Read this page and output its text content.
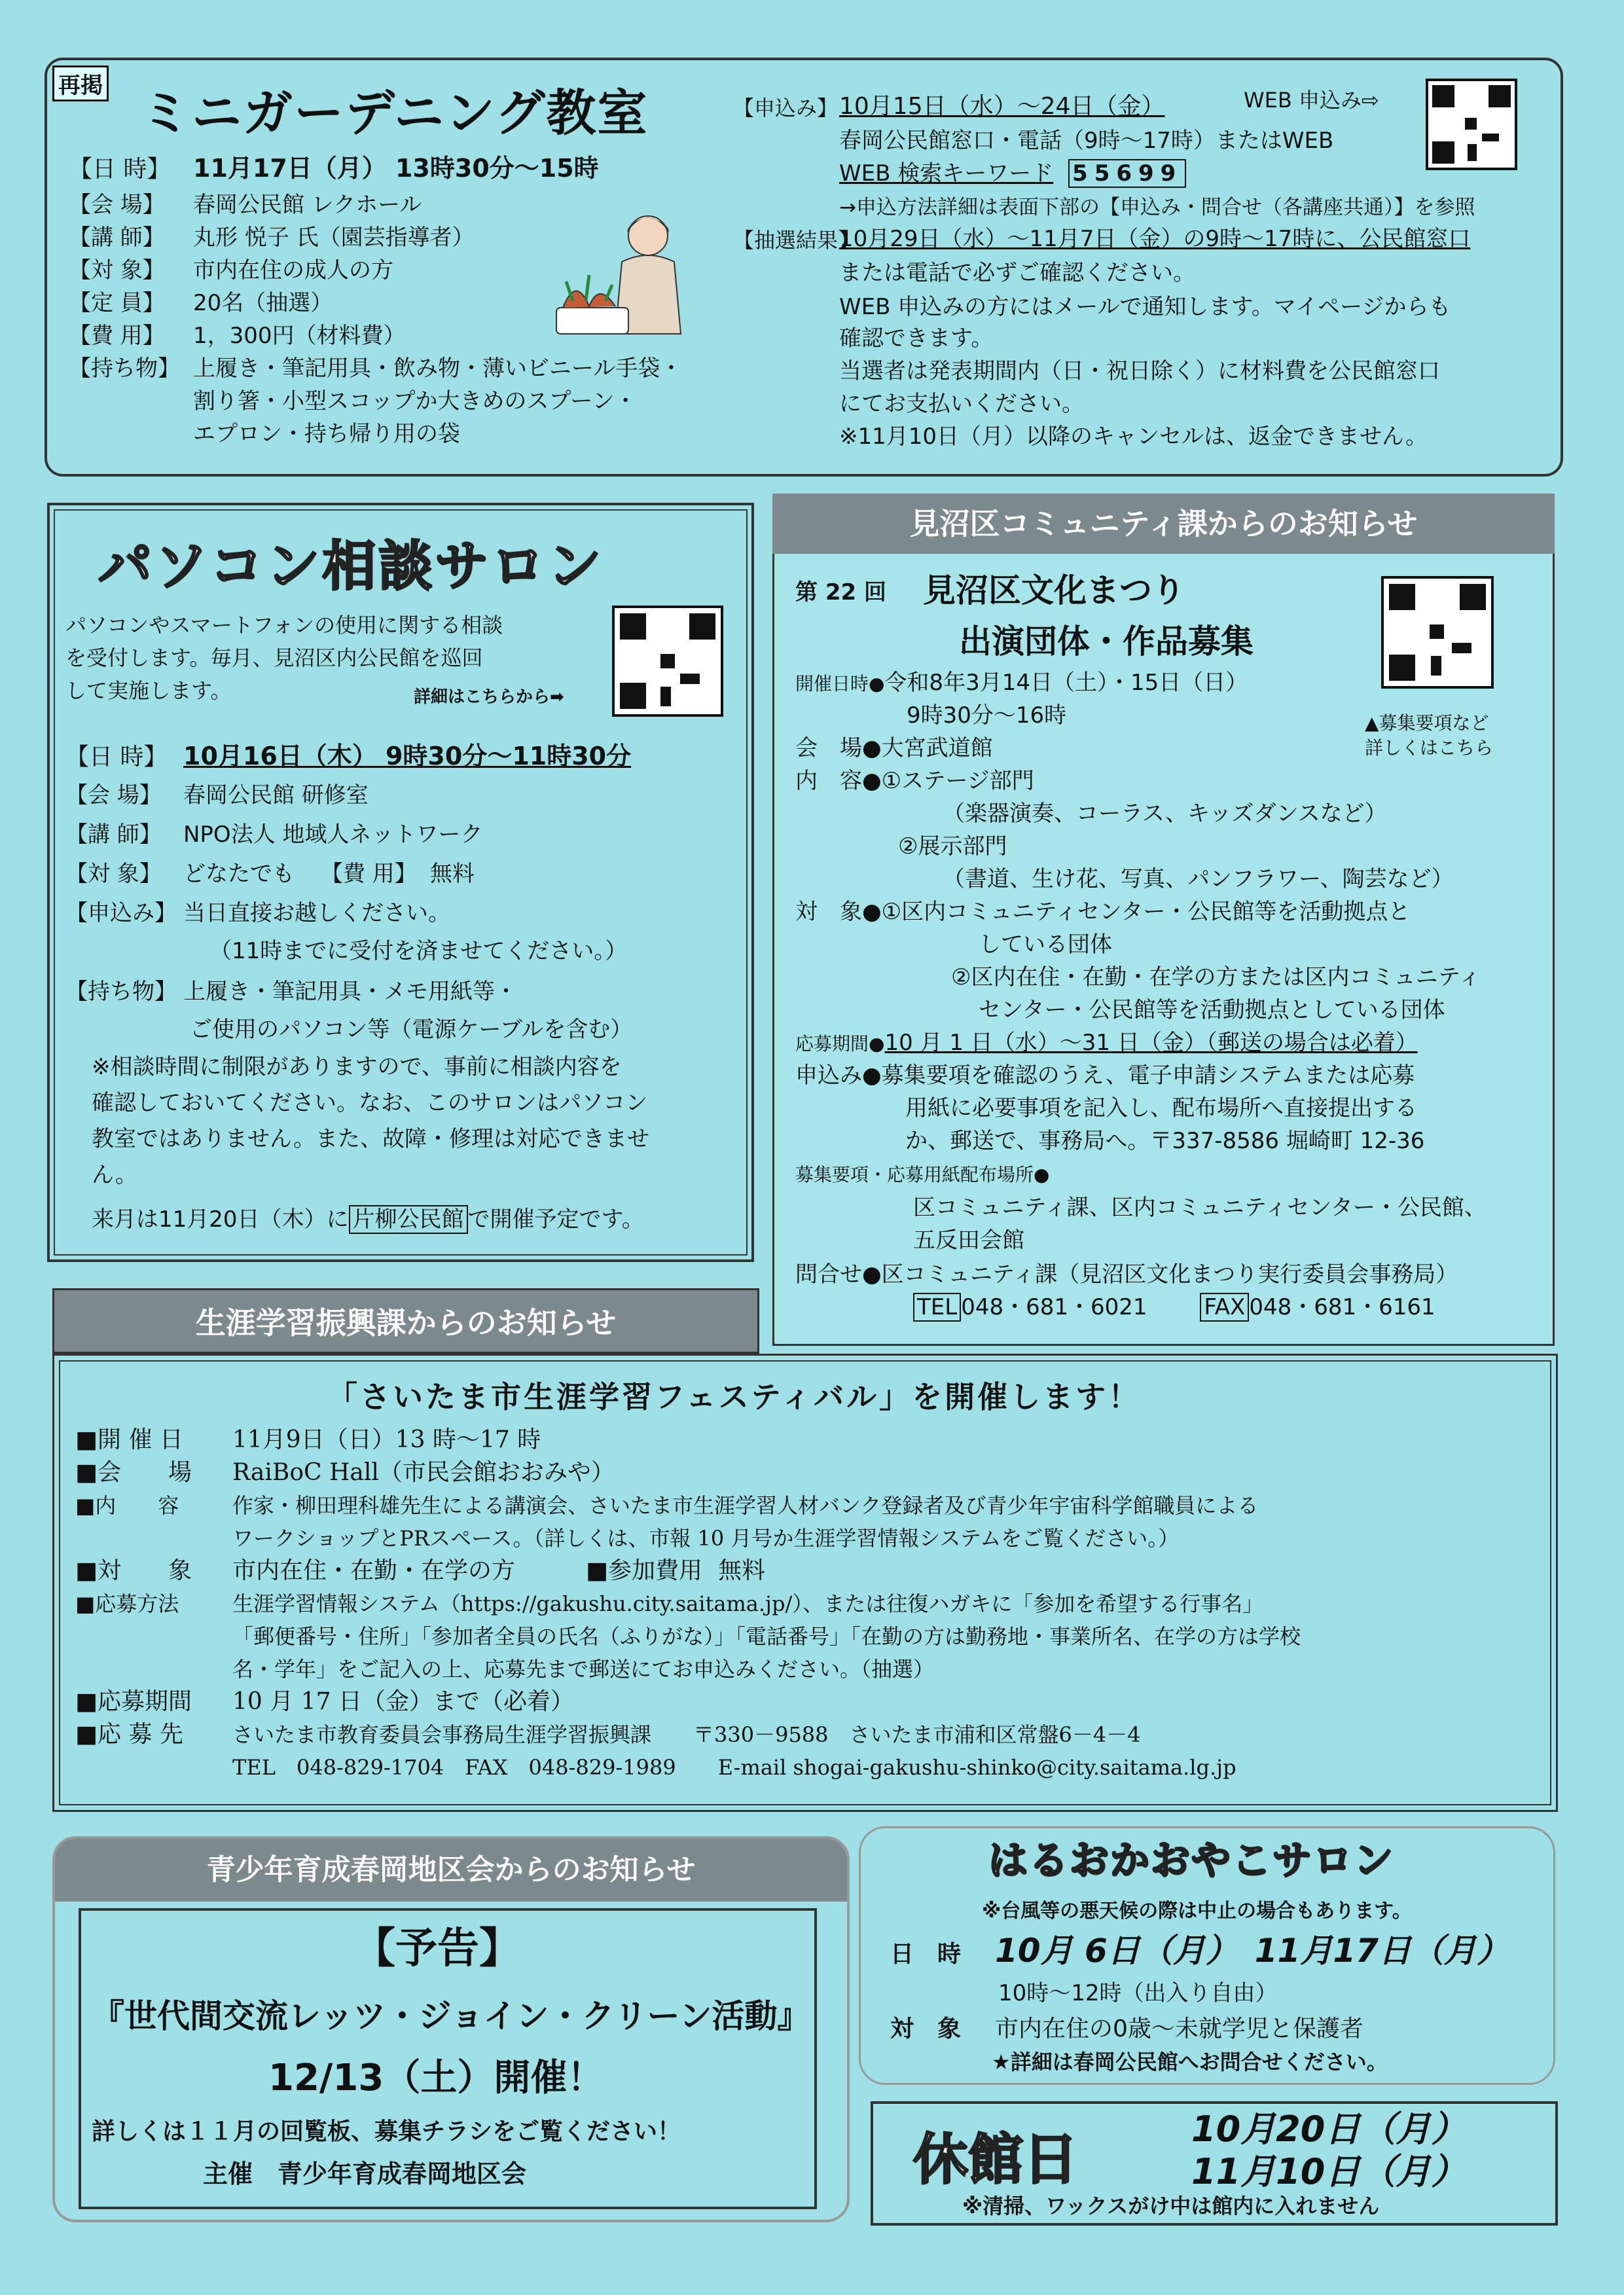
再掲 ミニガーデニング教室
【日 時】 11月17日（月） 13時30分～15時
【会 場】 春岡公民館 レクホール
【講 師】 丸形 悦子 氏（園芸指導者）
【対 象】 市内在住の成人の方
【定 員】 20名（抽選）
【費 用】 1，300円（材料費）
【持ち物】 上履き・筆記用具・飲み物・薄いビニール手袋・
割り箸・小型スコップか大きめのスプーン・
エプロン・持ち帰り用の袋
【申込み】 10月15日（水）～24日（金）	WEB 申込み⇨
春岡公民館窓口・電話（9時～17時）またはWEB
WEB 検索キーワード 55699
→申込方法詳細は表面下部の【申込み・問合せ（各講座共通）】を参照
【抽選結果】
10月29日（水）～11月7日（金）の9時～17時に、公民館窓口
または電話で必ずご確認ください。
WEB 申込みの方にはメールで通知します。マイページからも
確認できます。
当選者は発表期間内（日・祝日除く）に材料費を公民館窓口
にてお支払いください。
※11月10日（月）以降のキャンセルは、返金できません。
パソコン相談サロン
パソコンやスマートフォンの使用に関する相談
を受付します。毎月、見沼区内公民館を巡回
して実施します。	詳細はこちらから➡
【日 時】 10月16日（木） 9時30分～11時30分
【会 場】 春岡公民館 研修室
【講 師】 NPO法人 地域人ネットワーク
【対 象】 どなたでも 【費 用】 無料
【申込み】 当日直接お越しください。
（11時までに受付を済ませてください。）
【持ち物】 上履き・筆記用具・メモ用紙等・
ご使用のパソコン等（電源ケーブルを含む）
※相談時間に制限がありますので、事前に相談内容を
確認しておいてください。なお、このサロンはパソコン
教室ではありません。また、故障・修理は対応できませ
ん。
来月は11月20日（木）に 片柳公民館 で開催予定です。
見沼区コミュニティ課からのお知らせ
第 22 回 見沼区文化まつり
出演団体・作品募集
▲募集要項など
詳しくはこちら
開催日時●令和8年3月14日（土）・15日（日）
9時30分～16時
会　場●大宮武道館
内　容●①ステージ部門
（楽器演奏、コーラス、キッズダンスなど）
②展示部門
（書道、生け花、写真、パンフラワー、陶芸など）
対　象●①区内コミュニティセンター・公民館等を活動拠点と
している団体
②区内在住・在勤・在学の方または区内コミュニティ
センター・公民館等を活動拠点としている団体
応募期間●10 月 1 日（水）～31 日（金）（郵送の場合は必着）
申込み●募集要項を確認のうえ、電子申請システムまたは応募
用紙に必要事項を記入し、配布場所へ直接提出する
か、郵送で、事務局へ。〒337-8586 堀崎町 12-36
募集要項・応募用紙配布場所●
区コミュニティ課、区内コミュニティセンター・公民館、
五反田会館
問合せ●区コミュニティ課（見沼区文化まつり実行委員会事務局）
TEL 048・681・6021	FAX 048・681・6161
生涯学習振興課からのお知らせ
「さいたま市生涯学習フェスティバル」を開催します！
■開 催 日 11月9日（日）13 時～17 時
■会　　場 RaiBoC Hall（市民会館おおみや）
■内　　容	作家・柳田理科雄先生による講演会、さいたま市生涯学習人材バンク登録者及び青少年宇宙科学館職員による
ワークショップとPRスペース。（詳しくは、市報 10 月号か生涯学習情報システムをご覧ください。）
■対　　象 市内在住・在勤・在学の方	■参加費用 無料
■応募方法	生涯学習情報システム（https://gakushu.city.saitama.jp/）、または往復ハガキに「参加を希望する行事名」
「郵便番号・住所」「参加者全員の氏名（ふりがな）」「電話番号」「在勤の方は勤務地・事業所名、在学の方は学校
名・学年」をご記入の上、応募先まで郵送にてお申込みください。（抽選）
■応募期間 10 月 17 日（金）まで（必着）
■応 募 先 さいたま市教育委員会事務局生涯学習振興課　　〒330－9588　さいたま市浦和区常盤6－4－4
TEL　048-829-1704　FAX　048-829-1989　　E-mail shogai-gakushu-shinko@city.saitama.lg.jp
青少年育成春岡地区会からのお知らせ
【予告】
『世代間交流レッツ・ジョイン・クリーン活動』
12/13（土）開催！
詳しくは１１月の回覧板、募集チラシをご覧ください！
主催　青少年育成春岡地区会
はるおかおやこサロン
※台風等の悪天候の際は中止の場合もあります。
日　時 10月 6日（月）　11月17日（月）
10時～12時（出入り自由）
対　象 市内在住の0歳～未就学児と保護者
★詳細は春岡公民館へお問合せください。
休館日	10月20日（月）
11月10日（月）
※清掃、ワックスがけ中は館内に入れません
